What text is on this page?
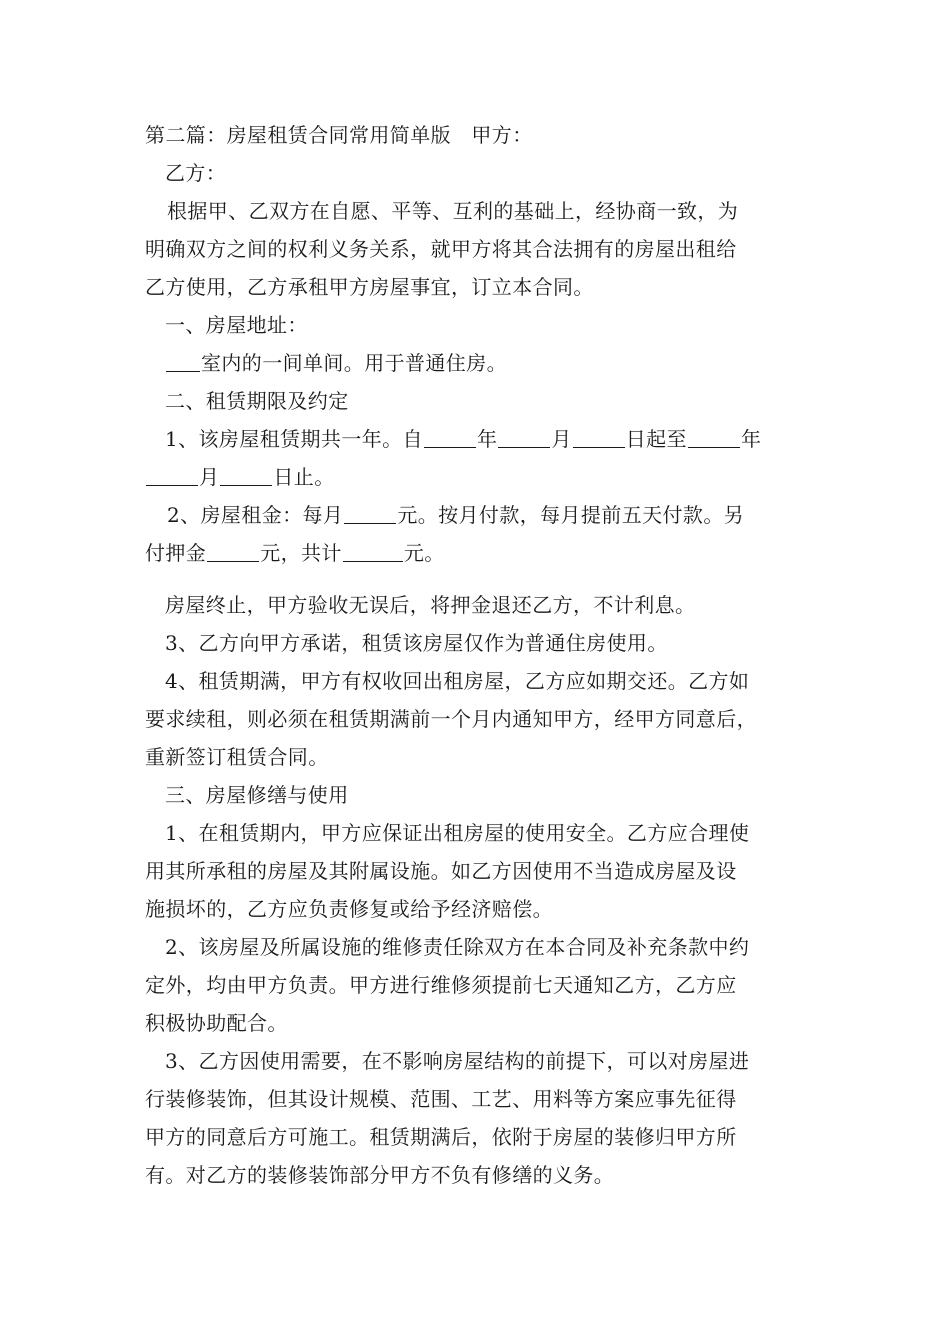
第二篇：房屋租赁合同常用简单版　甲方：
乙方：
根据甲、乙双方在自愿、平等、互利的基础上，经协商一致，为
明确双方之间的权利义务关系，就甲方将其合法拥有的房屋出租给
乙方使用，乙方承租甲方房屋事宜，订立本合同。
一、房屋地址：
室内的一间单间。用于普通住房。
二、租赁期限及约定
1、该房屋租赁期共一年。自	年	月	日起至	年
月	日止。
2、房屋租金：每月	元。按月付款，每月提前五天付款。另
付押金	元，共计	元。
房屋终止，甲方验收无误后，将押金退还乙方，不计利息。
3、乙方向甲方承诺，租赁该房屋仅作为普通住房使用。
4、租赁期满，甲方有权收回出租房屋，乙方应如期交还。乙方如
要求续租，则必须在租赁期满前一个月内通知甲方，经甲方同意后，
重新签订租赁合同。
三、房屋修缮与使用
1、在租赁期内，甲方应保证出租房屋的使用安全。乙方应合理使
用其所承租的房屋及其附属设施。如乙方因使用不当造成房屋及设
施损坏的，乙方应负责修复或给予经济赔偿。
2、该房屋及所属设施的维修责任除双方在本合同及补充条款中约
定外，均由甲方负责。甲方进行维修须提前七天通知乙方，乙方应
积极协助配合。
3、乙方因使用需要，在不影响房屋结构的前提下，可以对房屋进
行装修装饰，但其设计规模、范围、工艺、用料等方案应事先征得
甲方的同意后方可施工。租赁期满后，依附于房屋的装修归甲方所
有。对乙方的装修装饰部分甲方不负有修缮的义务。
